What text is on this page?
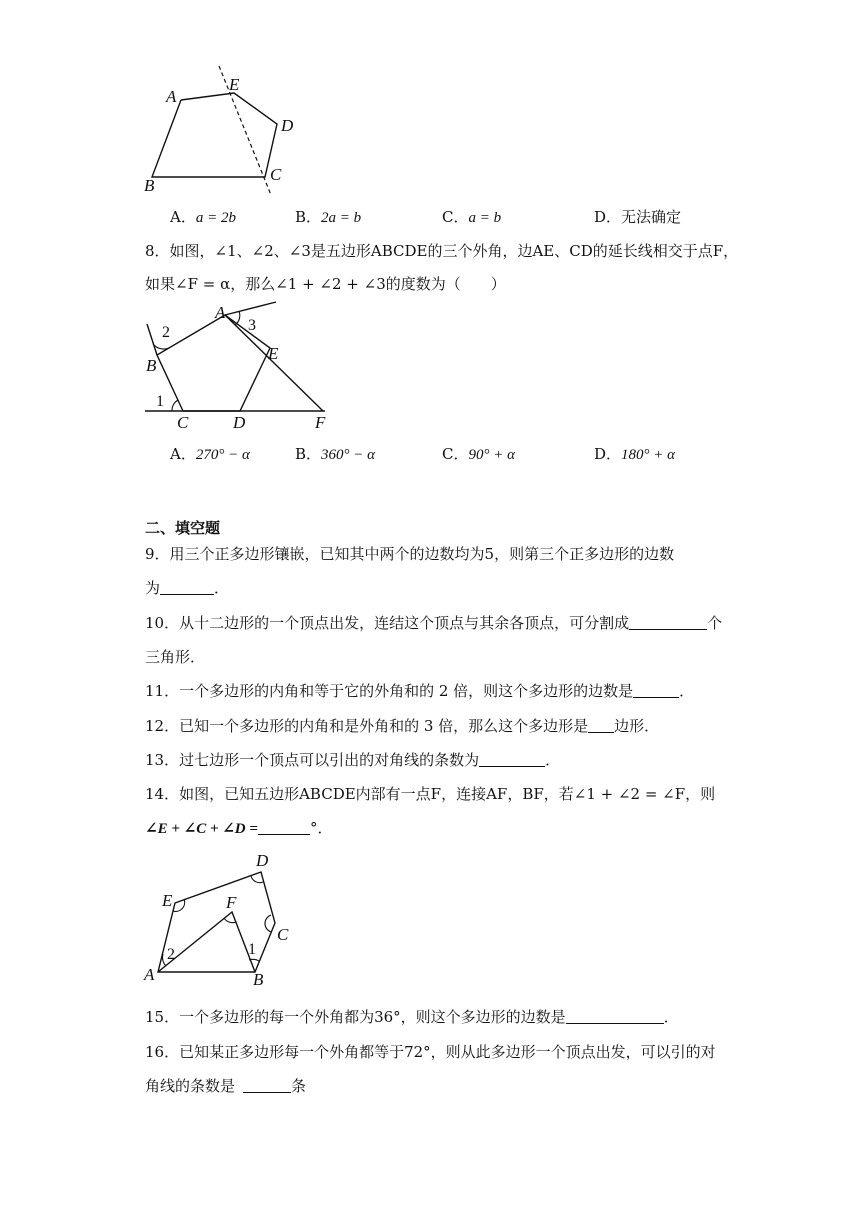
A
E
D
C
B
A．a = 2b	B．2a = b	C．a = b	D．无法确定
8．如图，∠1、∠2、∠3是五边形ABCDE的三个外角，边AE、CD的延长线相交于点F，
如果∠F = α，那么∠1 + ∠2 + ∠3的度数为（　　）
2	3
1
A
B
E
C	D	F
A．270° − α	B．360° − α	C．90° + α	D．180° + α
二、填空题
9．用三个正多边形镶嵌，已知其中两个的边数均为5，则第三个正多边形的边数
为	．
10．从十二边形的一个顶点出发，连结这个顶点与其余各顶点，可分割成	个
三角形．
11．一个多边形的内角和等于它的外角和的 2 倍，则这个多边形的边数是	．
12．已知一个多边形的内角和是外角和的 3 倍，那么这个多边形是 边形．
13．过七边形一个顶点可以引出的对角线的条数为	．
14．如图，已知五边形ABCDE内部有一点F，连接AF，BF，若∠1 + ∠2 = ∠F，则
∠E + ∠C + ∠D =	°．
D
E	F
C
2	1
A	B
15．一个多边形的每一个外角都为36°，则这个多边形的边数是	．
16．已知某正多边形每一个外角都等于72°，则从此多边形一个顶点出发，可以引的对
角线的条数是	条
